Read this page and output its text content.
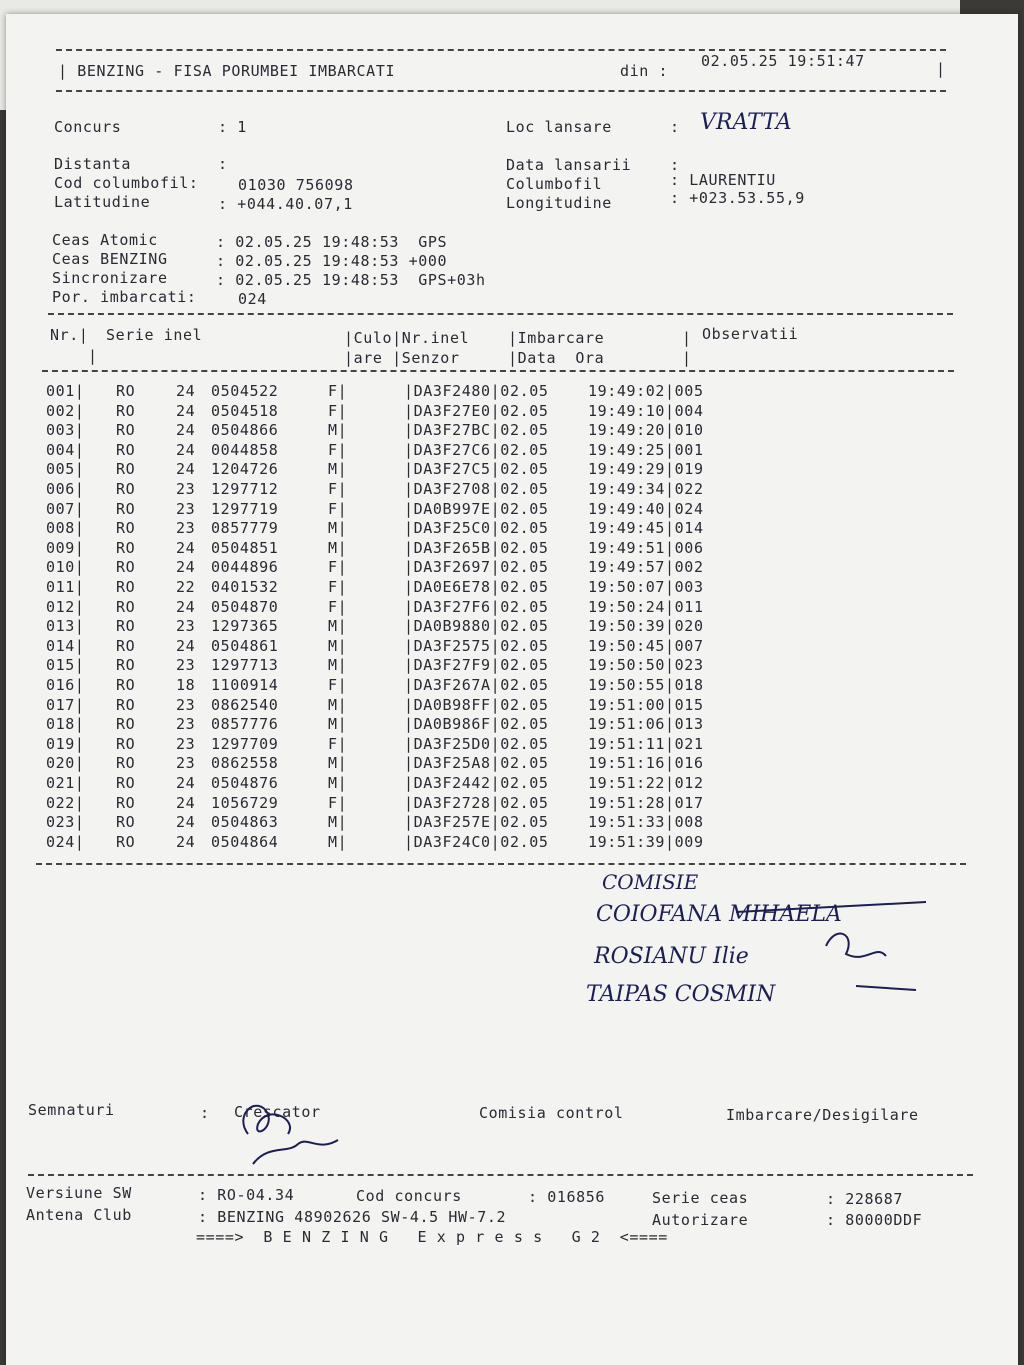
| BENZING - FISA PORUMBEI IMBARCATI	din :
02.05.25 19:51:47	|
Concurs	: 1	Loc lansare	: VRATTA
Distanta	:	Data lansarii	:
Cod columbofil:	01030 756098	Columbofil	: LAURENTIU
Latitudine	: +044.40.07,1	Longitudine	: +023.53.55,9
Ceas Atomic	: 02.05.25 19:48:53  GPS
Ceas BENZING	: 02.05.25 19:48:53 +000
Sincronizare	: 02.05.25 19:48:53  GPS+03h
Por. imbarcati:	024
Nr.| Serie inel	|Culo|Nr.inel	|Imbarcare	| Observatii
|	|are |Senzor	|Data  Ora	|
001| RO	24 0504522	F|	|DA3F2480|02.05	19:49:02|005
002| RO	24 0504518	F|	|DA3F27E0|02.05	19:49:10|004
003| RO	24 0504866	M|	|DA3F27BC|02.05	19:49:20|010
004| RO	24 0044858	F|	|DA3F27C6|02.05	19:49:25|001
005| RO	24 1204726	M|	|DA3F27C5|02.05	19:49:29|019
006| RO	23 1297712	F|	|DA3F2708|02.05	19:49:34|022
007| RO	23 1297719	F|	|DA0B997E|02.05	19:49:40|024
008| RO	23 0857779	M|	|DA3F25C0|02.05	19:49:45|014
009| RO	24 0504851	M|	|DA3F265B|02.05	19:49:51|006
010| RO	24 0044896	F|	|DA3F2697|02.05	19:49:57|002
011| RO	22 0401532	F|	|DA0E6E78|02.05	19:50:07|003
012| RO	24 0504870	F|	|DA3F27F6|02.05	19:50:24|011
013| RO	23 1297365	M|	|DA0B9880|02.05	19:50:39|020
014| RO	24 0504861	M|	|DA3F2575|02.05	19:50:45|007
015| RO	23 1297713	M|	|DA3F27F9|02.05	19:50:50|023
016| RO	18 1100914	F|	|DA3F267A|02.05	19:50:55|018
017| RO	23 0862540	M|	|DA0B98FF|02.05	19:51:00|015
018| RO	23 0857776	M|	|DA0B986F|02.05	19:51:06|013
019| RO	23 1297709	F|	|DA3F25D0|02.05	19:51:11|021
020| RO	23 0862558	M|	|DA3F25A8|02.05	19:51:16|016
021| RO	24 0504876	M|	|DA3F2442|02.05	19:51:22|012
022| RO	24 1056729	F|	|DA3F2728|02.05	19:51:28|017
023| RO	24 0504863	M|	|DA3F257E|02.05	19:51:33|008
024| RO	24 0504864	M|	|DA3F24C0|02.05	19:51:39|009
COMISIE
COIOFANA MIHAELA
ROSIANU Ilie
TAIPAS COSMIN
Semnaturi	: Crescator	Comisia control	Imbarcare/Desigilare
Versiune SW	: RO-04.34	Cod concurs	: 016856	Serie ceas	: 228687
Antena Club	: BENZING 48902626 SW-4.5 HW-7.2	Autorizare	: 80000DDF
====>  B E N Z I N G   E x p r e s s   G 2  <====
